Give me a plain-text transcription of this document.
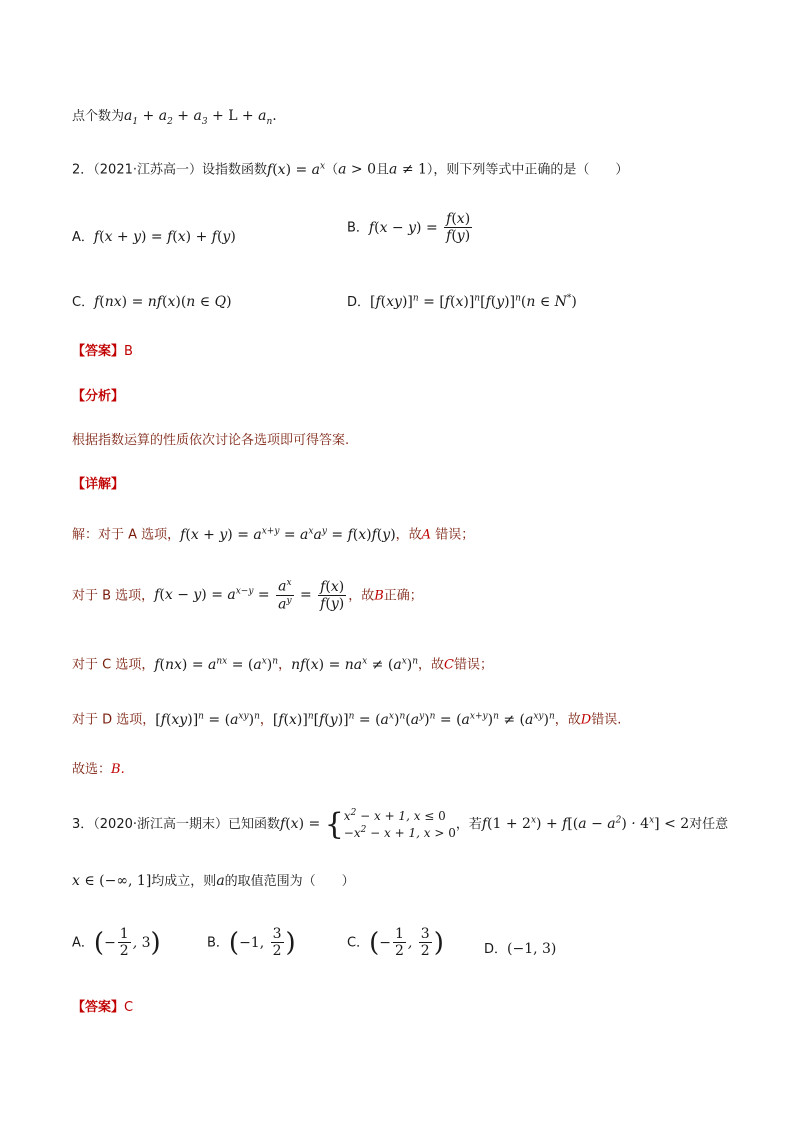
点个数为$a_1 + a_2 + a_3 + L + a_n$.
2．（2021·江苏高一）设指数函数$f(x) = a^x(a > 0$且a ≠ 1），则下列等式中正确的是（　　）
A．f(x + y) = f(x) + f(y)
B．$f(x - y) = \frac{f(x)}{f(y)}$
C．f(nx) = nf(x)(n ∈ Q)	D．$[f(xy)]^n = [f(x)]^n[f(y)]^n(n$ ∈ N*)
【答案】B
【分析】
根据指数运算的性质依次讨论各选项即可得答案.
【详解】
解：对于 A 选项，$f(x + y) = a^{x+y} = a^xa^y = f(x)f(y)$，故A 错误；
对于 B 选项，$f(x - y) = a^{x-y} = \frac{a^x}{a^y} = \frac{f(x)}{f(y)}$ ，故B正确；
对于 C 选项，$f(nx) = a^{nx} = (a^x)^n$，$nf(x) = na^x \ne (a^x)^n$，故C错误；
对于 D 选项，$[f(xy)]^n = (a^{xy})^n$，$[f(x)]^n[f(y)]^n = (a^x)^n(a^y)^n = (a^{x+y})^n \ne (a^{xy})^n$，故D错误.
故选：B.
3．（2020·浙江高一期末）已知函数f(x) = { $x^2 - x + 1$, x ≤ 0
$-x^2 - x + 1$, x > 0
，若$f(1 + 2^x) + f[(a - a^2) \cdot 4^x] < 2$对任意
x ∈ (−∞, 1]均成立，则a的取值范围为（　　）
A．(− $\frac{1}{2}$ , 3)	B．(−1, $\frac{3}{2}$ )	C．(− $\frac{1}{2}$ , $\frac{3}{2}$ )	D．(−1, 3)
【答案】C
